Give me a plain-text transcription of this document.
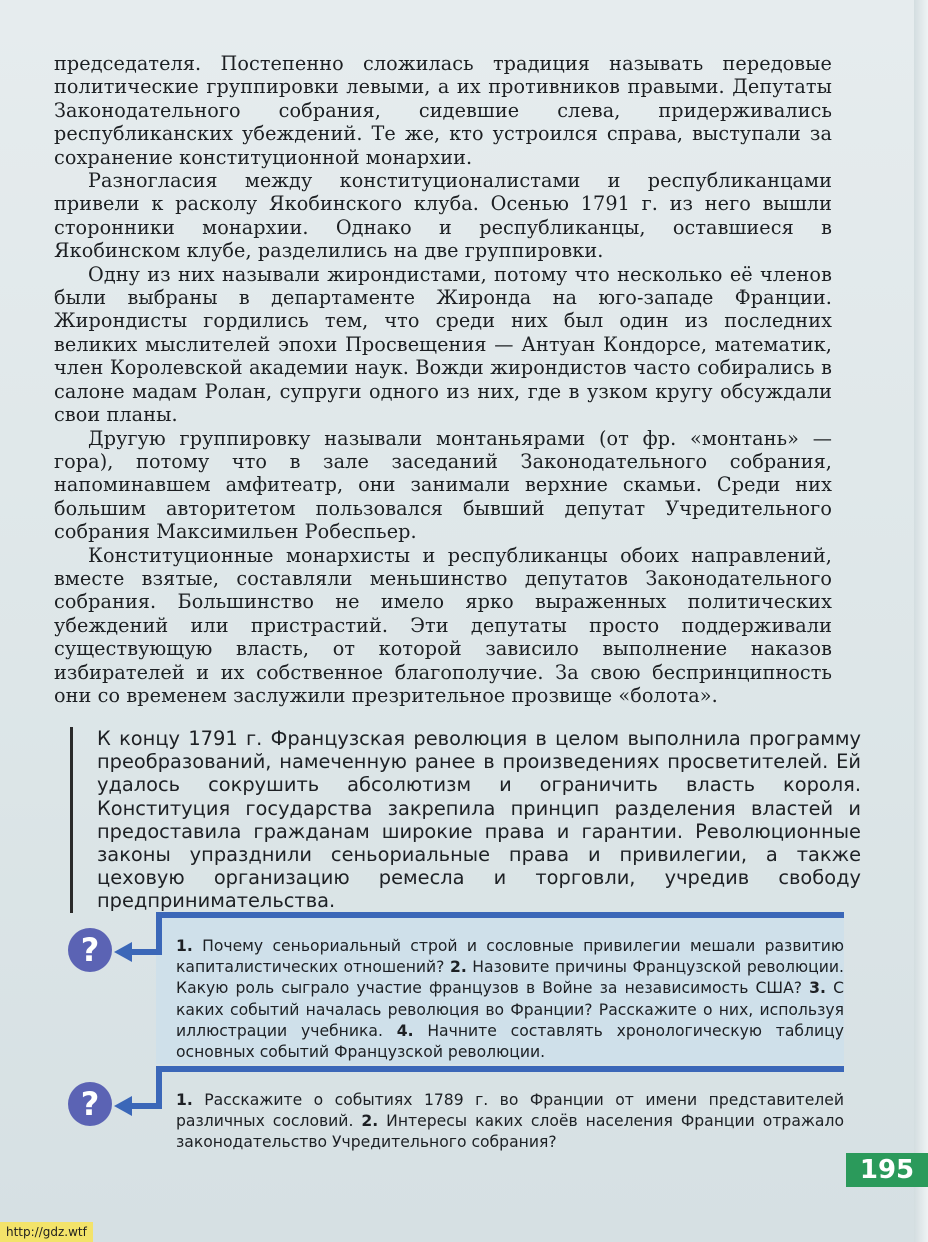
председателя. Постепенно сложилась традиция называть передовые политические группировки левыми, а их противников правыми. Депутаты Законодательного собрания, сидевшие слева, придерживались республиканских убеждений. Те же, кто устроился справа, выступали за сохранение конституционной монархии.

Разногласия между конституционалистами и республиканцами привели к расколу Якобинского клуба. Осенью 1791 г. из него вышли сторонники монархии. Однако и республиканцы, оставшиеся в Якобинском клубе, разделились на две группировки.

Одну из них называли жирондистами, потому что несколько её членов были выбраны в департаменте Жиронда на юго-западе Франции. Жирондисты гордились тем, что среди них был один из последних великих мыслителей эпохи Просвещения — Антуан Кондорсе, математик, член Королевской академии наук. Вожди жирондистов часто собирались в салоне мадам Ролан, супруги одного из них, где в узком кругу обсуждали свои планы.

Другую группировку называли монтаньярами (от фр. «монтань» — гора), потому что в зале заседаний Законодательного собрания, напоминавшем амфитеатр, они занимали верхние скамьи. Среди них большим авторитетом пользовался бывший депутат Учредительного собрания Максимильен Робеспьер.

Конституционные монархисты и республиканцы обоих направлений, вместе взятые, составляли меньшинство депутатов Законодательного собрания. Большинство не имело ярко выраженных политических убеждений или пристрастий. Эти депутаты просто поддерживали существующую власть, от которой зависило выполнение наказов избирателей и их собственное благополучие. За свою беспринципность они со временем заслужили презрительное прозвище «болота».

К концу 1791 г. Французская революция в целом выполнила программу преобразований, намеченную ранее в произведениях просветителей. Ей удалось сокрушить абсолютизм и ограничить власть короля. Конституция государства закрепила принцип разделения властей и предоставила гражданам широкие права и гарантии. Революционные законы упразднили сеньориальные права и привилегии, а также цеховую организацию ремесла и торговли, учредив свободу предпринимательства.
?	1. Почему сеньориальный строй и сословные привилегии мешали развитию капиталистических отношений? 2. Назовите причины Французской революции. Какую роль сыграло участие французов в Войне за независимость США? 3. С каких событий началась революция во Франции? Расскажите о них, используя иллюстрации учебника. 4. Начните составлять хронологическую таблицу основных событий Французской революции.
?	1. Расскажите о событиях 1789 г. во Франции от имени представителей различных сословий. 2. Интересы каких слоёв населения Франции отражало законодательство Учредительного собрания?
195
http://gdz.wtf
